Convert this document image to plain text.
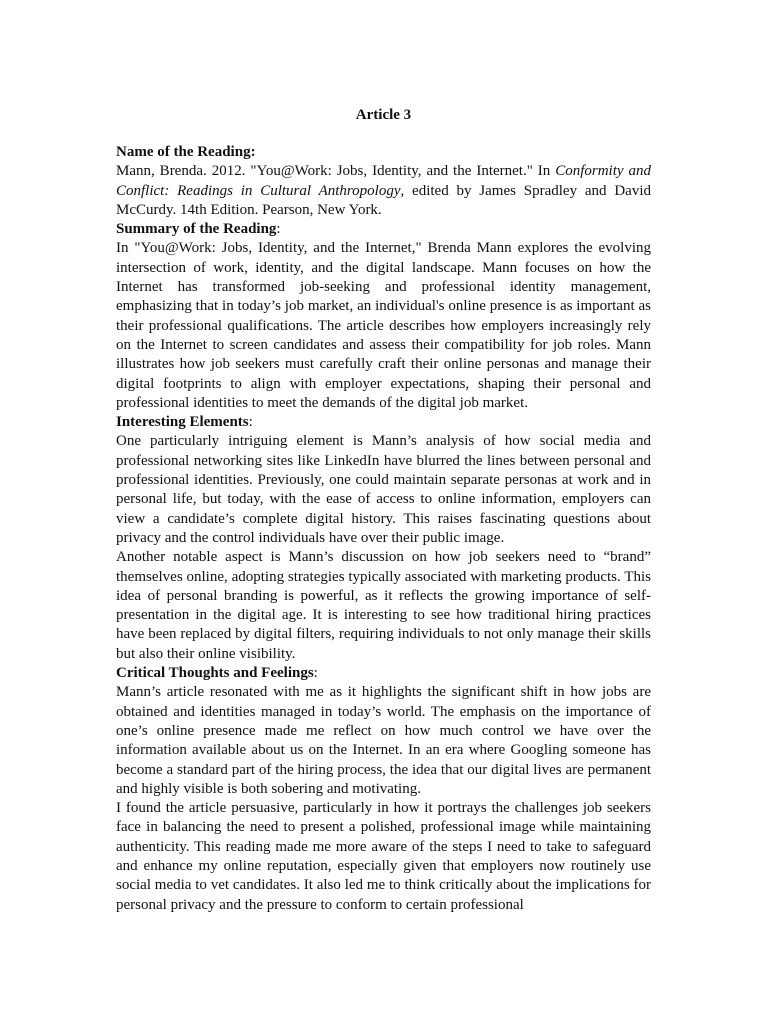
Article 3
Name of the Reading:

Mann, Brenda. 2012. "You@Work: Jobs, Identity, and the Internet." In Conformity and Conflict: Readings in Cultural Anthropology, edited by James Spradley and David McCurdy. 14th Edition. Pearson, New York.

Summary of the Reading:

In "You@Work: Jobs, Identity, and the Internet," Brenda Mann explores the evolving intersection of work, identity, and the digital landscape. Mann focuses on how the Internet has transformed job-seeking and professional identity management, emphasizing that in today’s job market, an individual's online presence is as important as their professional qualifications. The article describes how employers increasingly rely on the Internet to screen candidates and assess their compatibility for job roles. Mann illustrates how job seekers must carefully craft their online personas and manage their digital footprints to align with employer expectations, shaping their personal and professional identities to meet the demands of the digital job market.

Interesting Elements:

One particularly intriguing element is Mann’s analysis of how social media and professional networking sites like LinkedIn have blurred the lines between personal and professional identities. Previously, one could maintain separate personas at work and in personal life, but today, with the ease of access to online information, employers can view a candidate’s complete digital history. This raises fascinating questions about privacy and the control individuals have over their public image.

Another notable aspect is Mann’s discussion on how job seekers need to “brand” themselves online, adopting strategies typically associated with marketing products. This idea of personal branding is powerful, as it reflects the growing importance of self-presentation in the digital age. It is interesting to see how traditional hiring practices have been replaced by digital filters, requiring individuals to not only manage their skills but also their online visibility.

Critical Thoughts and Feelings:

Mann’s article resonated with me as it highlights the significant shift in how jobs are obtained and identities managed in today’s world. The emphasis on the importance of one’s online presence made me reflect on how much control we have over the information available about us on the Internet. In an era where Googling someone has become a standard part of the hiring process, the idea that our digital lives are permanent and highly visible is both sobering and motivating.

I found the article persuasive, particularly in how it portrays the challenges job seekers face in balancing the need to present a polished, professional image while maintaining authenticity. This reading made me more aware of the steps I need to take to safeguard and enhance my online reputation, especially given that employers now routinely use social media to vet candidates. It also led me to think critically about the implications for personal privacy and the pressure to conform to certain professional
